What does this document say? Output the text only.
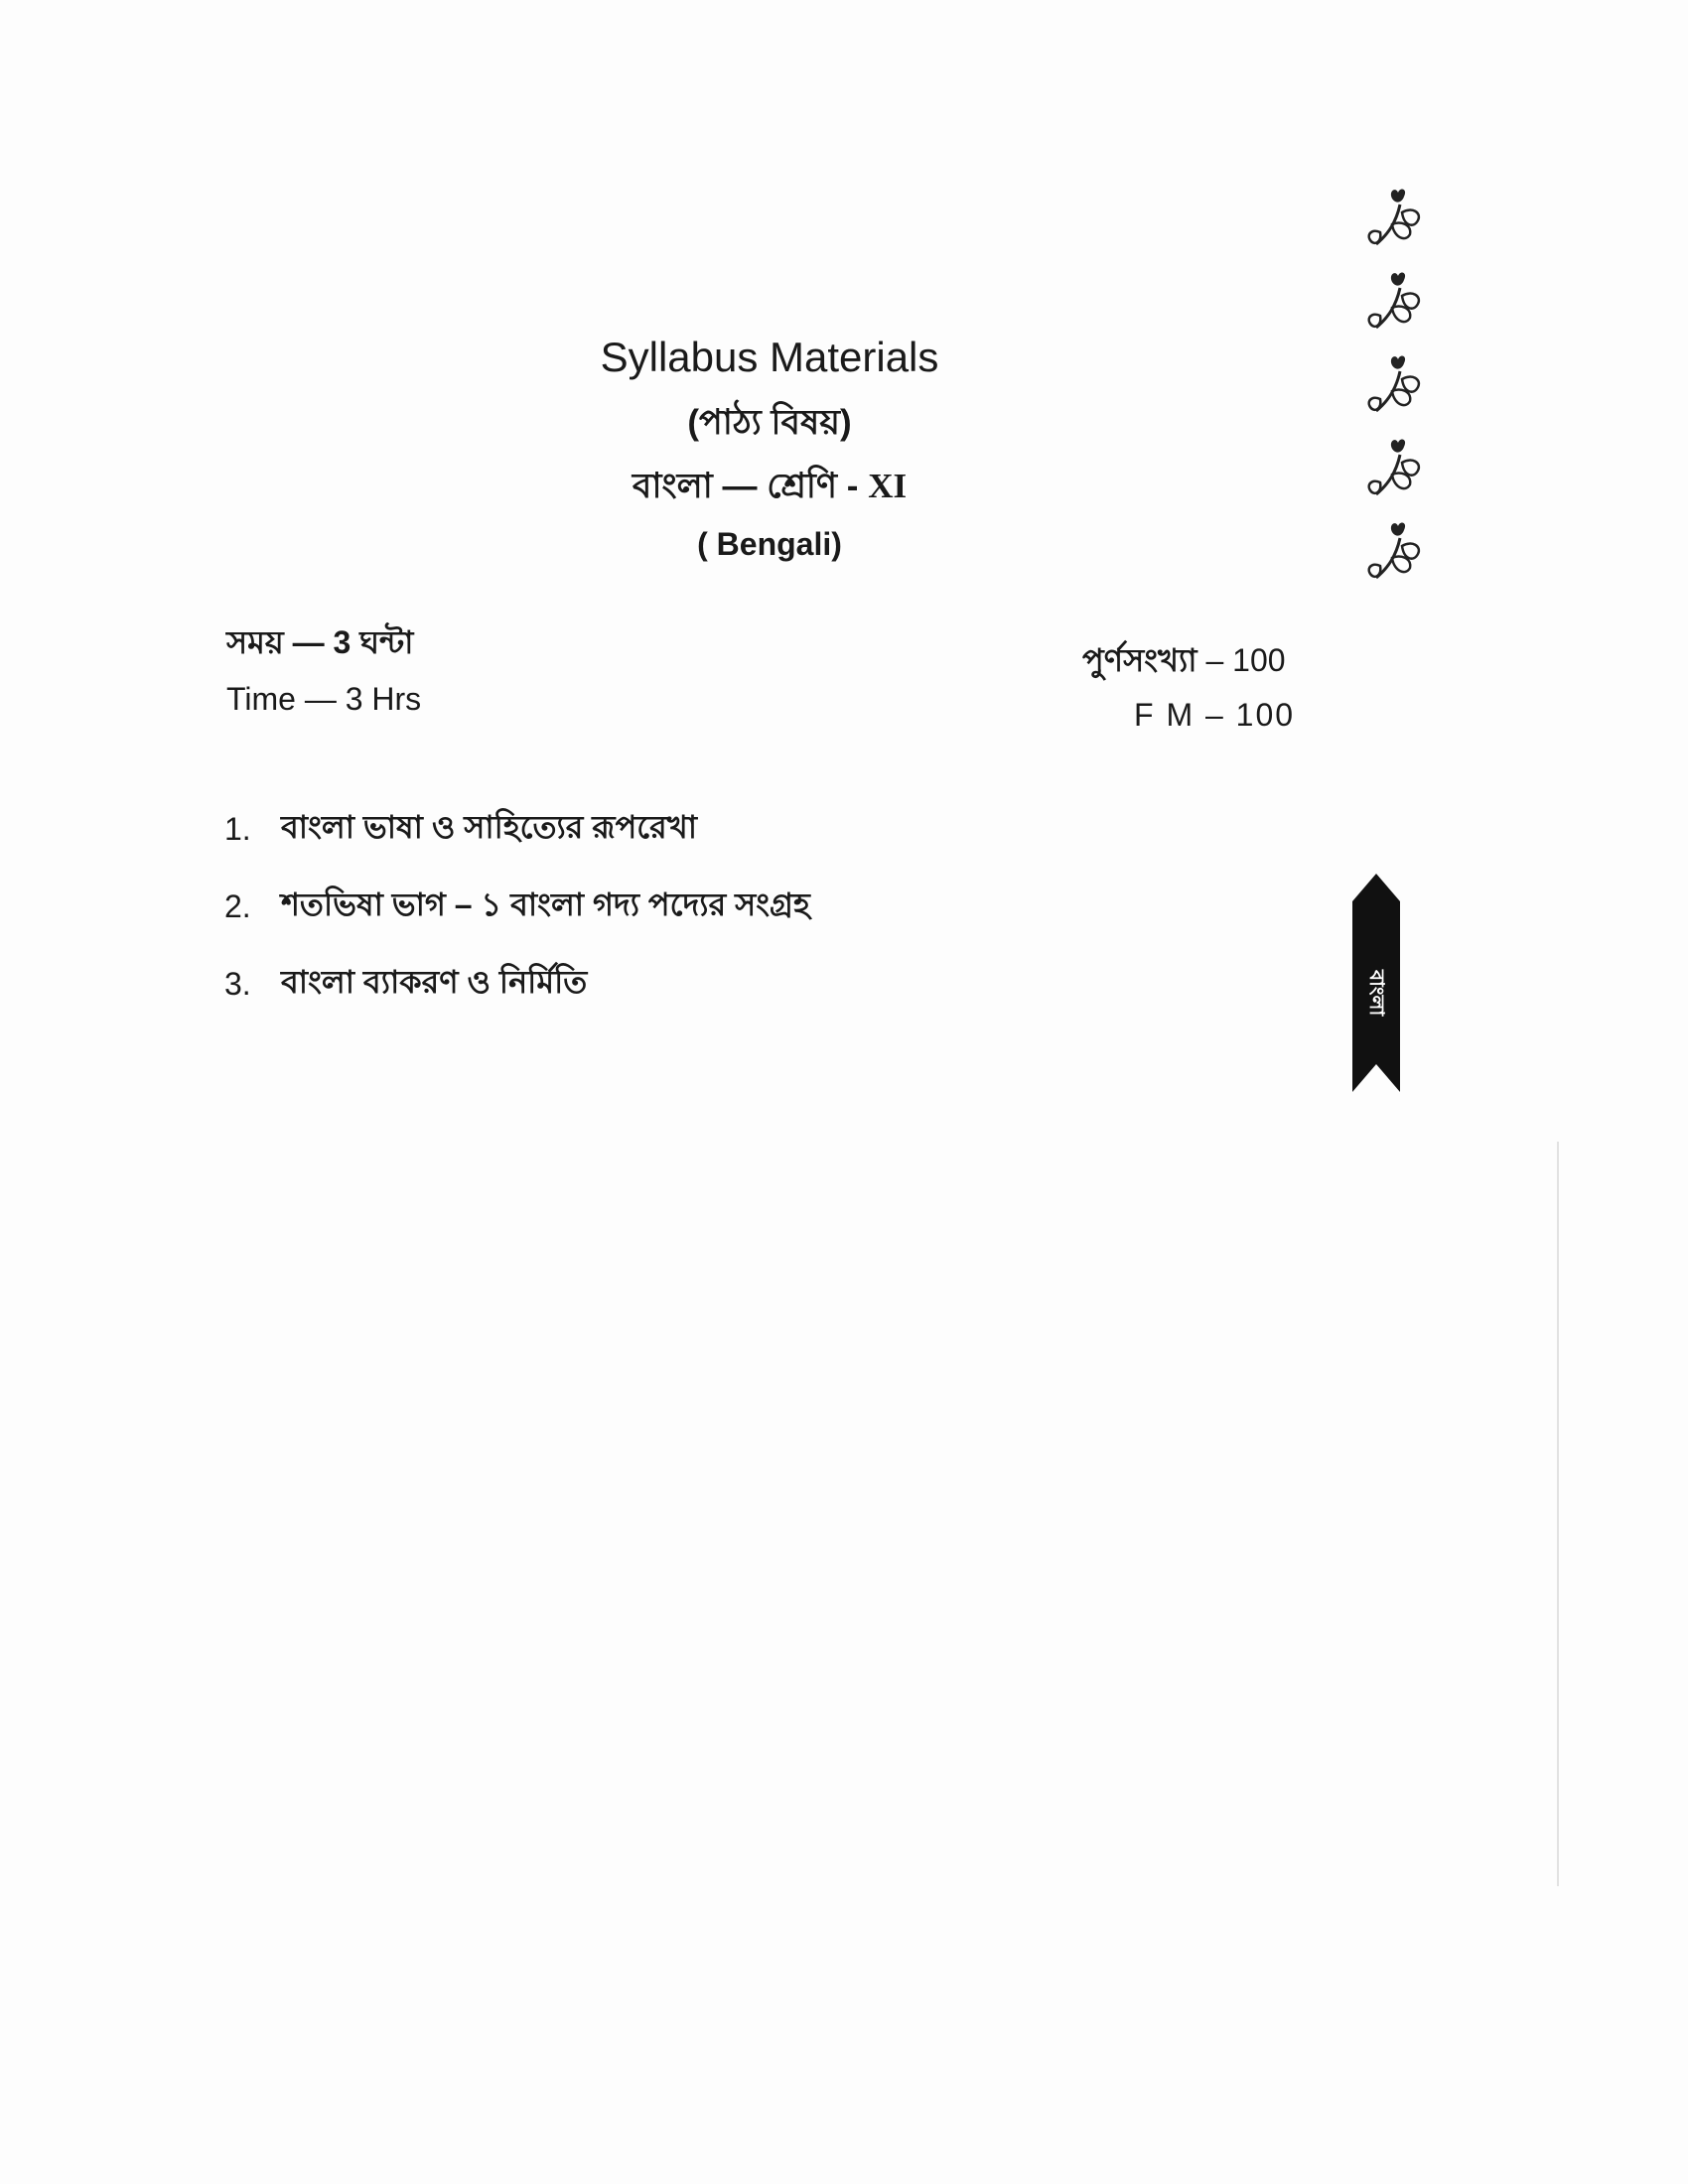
Syllabus Materials
(পাঠ্য বিষয়)
বাংলা — শ্রেণি - XI
( Bengali)
সময় — 3 ঘন্টা
Time — 3 Hrs
পুর্ণসংখ্যা – 100
F M – 100
1. বাংলা ভাষা ও সাহিত্যের রূপরেখা
2. শতভিষা ভাগ – ১ বাংলা গদ্য পদ্যের সংগ্রহ
3. বাংলা ব্যাকরণ ও নির্মিতি	বাংলা
